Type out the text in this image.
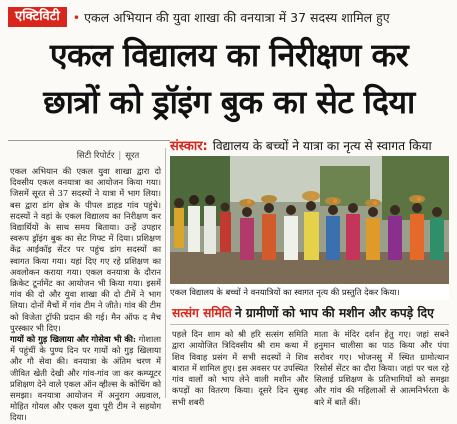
एक्टिविटी	• एकल अभियान की युवा शाखा की वनयात्रा में 37 सदस्य शामिल हुए
एकल विद्यालय का निरीक्षण कर
छात्रों को ड्रॉइंग बुक का सेट दिया
सिटी रिपोर्टर | सूरत

एकल अभियान की एकल युवा शाखा द्वारा दो दिवसीय एकल वनयात्रा का आयोजन किया गया। जिसमें सूरत से 37 सदस्यों ने यात्रा में भाग लिया। बस द्वारा डांग क्षेत्र के पीपल डाहड गांव पहुंचे। सदस्यों ने वहां के एकल विद्यालय का निरीक्षण कर विद्यार्थियों के साथ समय बिताया। उन्हें उपहार स्वरूप ड्रॉइंग बुक का सेट गिफ्ट में दिया। प्रशिक्षण केंद्र आईकॉइ सेंटर पर पहुंच डांग सदस्यों का स्वागत किया गया। यहां दिए गए रहे प्रशिक्षण का अवलोकन कराया गया। एकल वनयात्रा के दौरान क्रिकेट टूर्नामेंट का आयोजन भी किया गया। इसमें गांव की दो और युवा शाखा की दो टीमें ने भाग लिया। दोनों मैचों में गांव टीम ने जीते। गांव की टीम को विजेता ट्रॉफी प्रदान की गई। मैन ऑफ द मैच पुरस्कार भी दिए।

गायों को गुड़ खिलाया और गोसेवा भी की: गोशाला में पहुंचीं के पुण्य दिन पर गायों को गुड़ खिलाया और गौ सेवा की। वनयात्रा के अंतिम चरण में जीवित खेती देखी और गांव-गांव जा कर कम्प्यूटर प्रशिक्षण देने वाले एकल ऑन व्हील्स के कोचिंग को समझा। वनयात्रा आयोजन में अनुराग अग्रवाल, मोहित गोयल और एकल युवा पूरी टीम ने सहयोग दिया।

संस्कार: विद्यालय के बच्चों ने यात्रा का नृत्य से स्वागत किया
एकल विद्यालय के बच्चों ने वनयात्रियों का स्वागत नृत्य की प्रस्तुति देकर किया।
सत्संग समिति ने ग्रामीणों को भाप की मशीन और कपड़े दिए
पहले दिन शाम को श्री हरि सत्संग समिति द्वारा आयोजित त्रिदिवसीय श्री राम कथा में शिव विवाह प्रसंग में सभी सदस्यों ने शिव बारात में शामिल हुए। इस अवसर पर उपस्थित गांव वालों को भाप लेने वाली मशीन और कपड़ों का वितरण किया। दूसरे दिन सुबह सभी शबरी
माता के मंदिर दर्शन हेतु गए। जहां सबने हनुमान चालीसा का पाठ किया और पंपा सरोवर गए। भोजनसु में स्थित ग्रामोत्थान रिसोर्स सेंटर का दौरा किया। जहां पर चल रहे सिलाई प्रशिक्षण के प्रतिभागियों को समझा और गांव की महिलाओं से आत्मनिर्भरता के बारे में बातें कीं।
